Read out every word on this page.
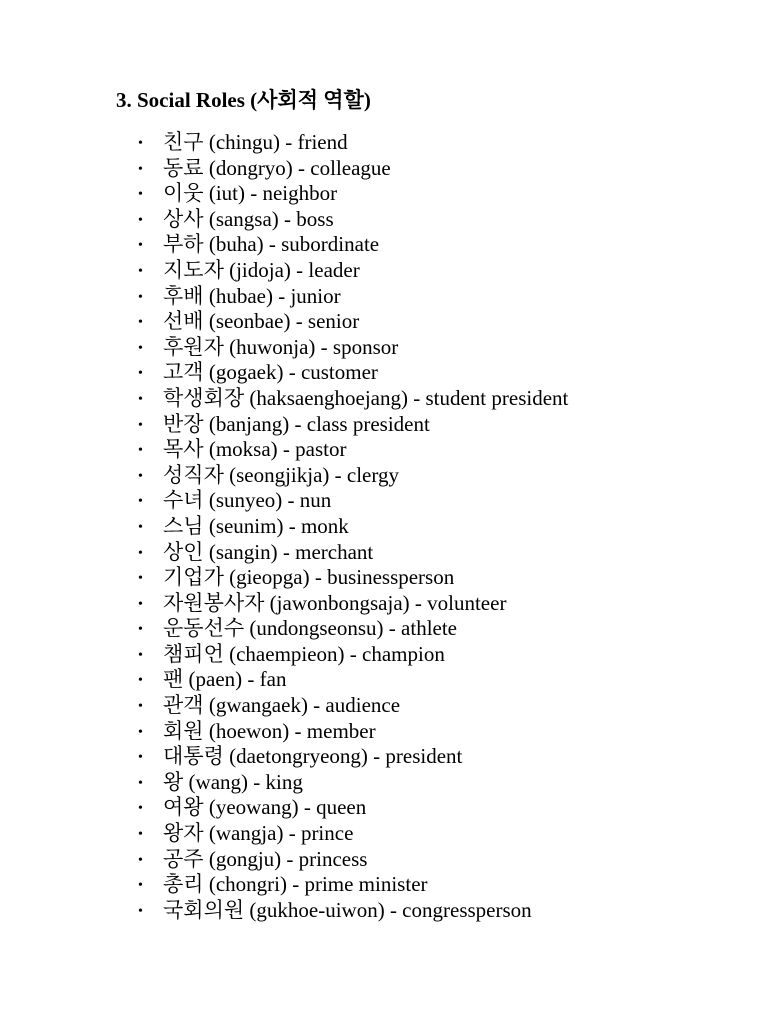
3. Social Roles (사회적 역할)
• 친구 (chingu) - friend
• 동료 (dongryo) - colleague
• 이웃 (iut) - neighbor
• 상사 (sangsa) - boss
• 부하 (buha) - subordinate
• 지도자 (jidoja) - leader
• 후배 (hubae) - junior
• 선배 (seonbae) - senior
• 후원자 (huwonja) - sponsor
• 고객 (gogaek) - customer
• 학생회장 (haksaenghoejang) - student president
• 반장 (banjang) - class president
• 목사 (moksa) - pastor
• 성직자 (seongjikja) - clergy
• 수녀 (sunyeo) - nun
• 스님 (seunim) - monk
• 상인 (sangin) - merchant
• 기업가 (gieopga) - businessperson
• 자원봉사자 (jawonbongsaja) - volunteer
• 운동선수 (undongseonsu) - athlete
• 챔피언 (chaempieon) - champion
• 팬 (paen) - fan
• 관객 (gwangaek) - audience
• 회원 (hoewon) - member
• 대통령 (daetongryeong) - president
• 왕 (wang) - king
• 여왕 (yeowang) - queen
• 왕자 (wangja) - prince
• 공주 (gongju) - princess
• 총리 (chongri) - prime minister
• 국회의원 (gukhoe-uiwon) - congressperson
